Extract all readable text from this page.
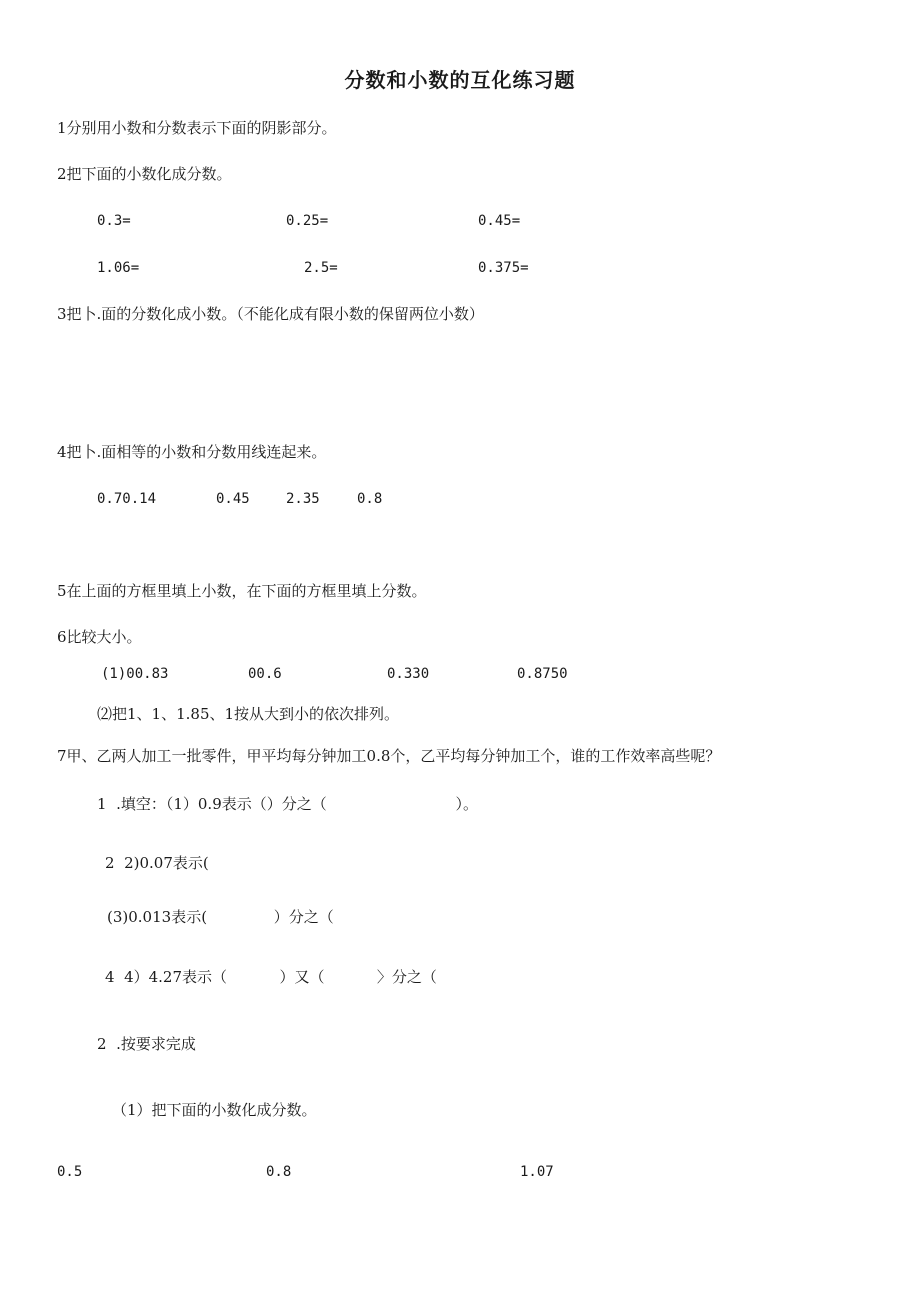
分数和小数的互化练习题
1分别用小数和分数表示下面的阴影部分。
2把下面的小数化成分数。
0.3=	0.25=	0.45=
1.06=	2.5=	0.375=
3把卜.面的分数化成小数。（不能化成有限小数的保留两位小数）
4把卜.面相等的小数和分数用线连起来。
0.70.14	0.45	2.35	0.8
5在上面的方框里填上小数，在下面的方框里填上分数。
6比较大小。
(1)00.83	00.6	0.330	0.8750
⑵把1、1、1.85、1按从大到小的依次排列。
7甲、乙两人加工一批零件，甲平均每分钟加工0.8个，乙平均每分钟加工个，谁的工作效率高些呢？
1  .填空：（1）0.9表示（）分之（                           ）。
2  2)0.07表示(
(3)0.013表示(              ）分之（
4  4）4.27表示（           ）又（           〉分之（
2  .按要求完成
（1）把下面的小数化成分数。
0.5	0.8	1.07
